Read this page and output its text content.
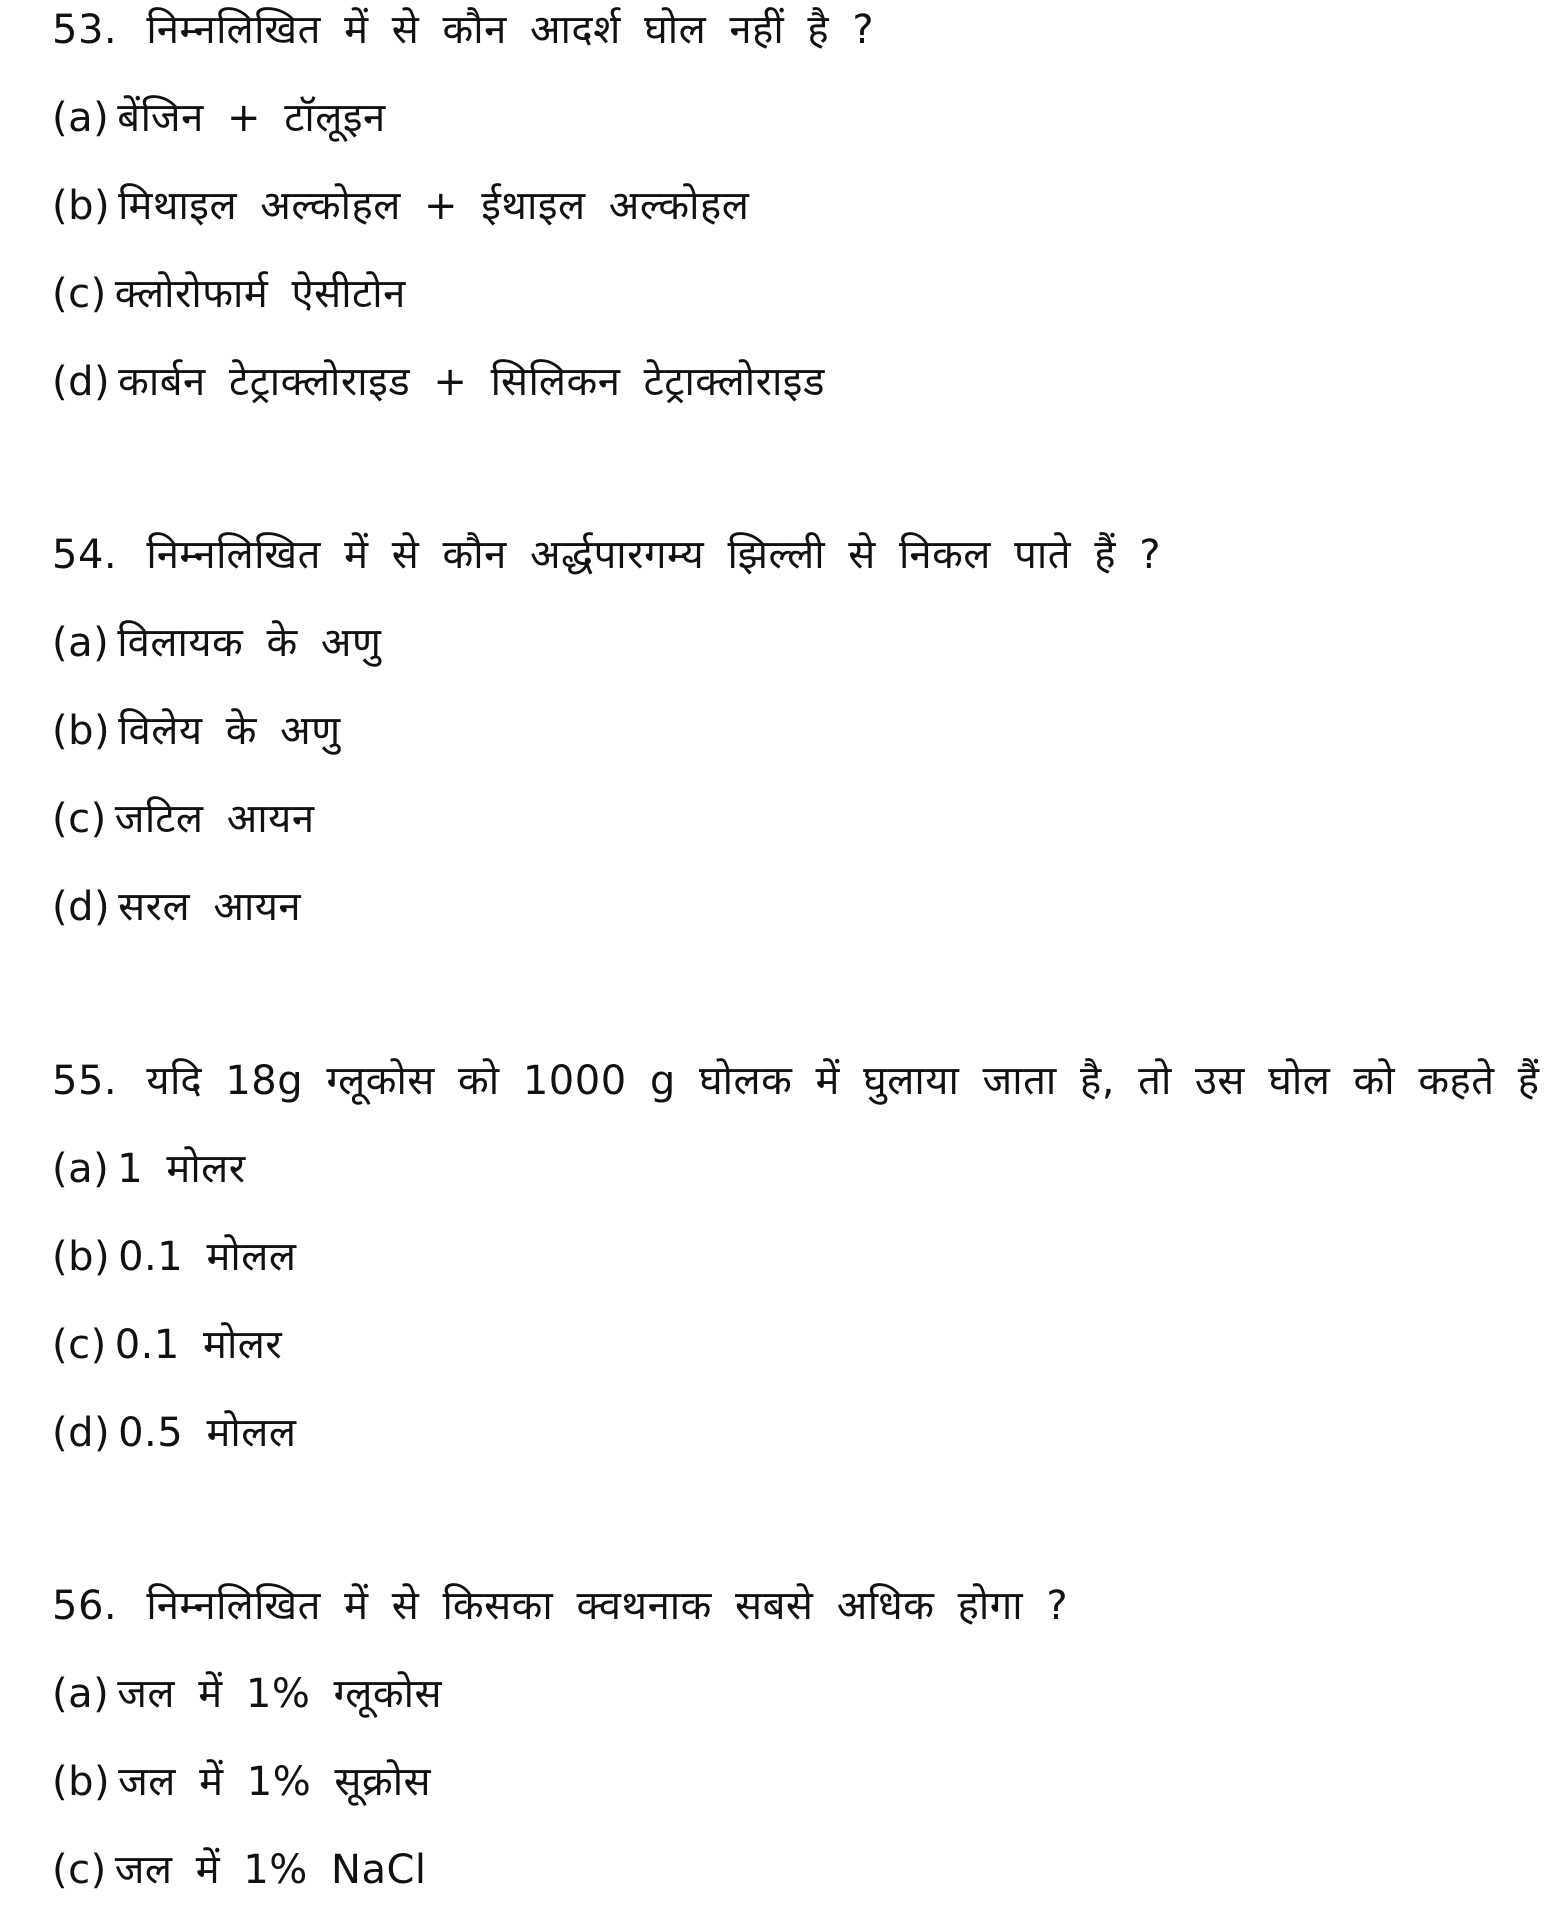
53. निम्नलिखित में से कौन आदर्श घोल नहीं है ?
(a) बेंजिन + टॉलूइन
(b) मिथाइल अल्कोहल + ईथाइल अल्कोहल
(c) क्लोरोफार्म ऐसीटोन
(d) कार्बन टेट्राक्लोराइड + सिलिकन टेट्राक्लोराइड
54. निम्नलिखित में से कौन अर्द्धपारगम्य झिल्ली से निकल पाते हैं ?
(a) विलायक के अणु
(b) विलेय के अणु
(c) जटिल आयन
(d) सरल आयन
55. यदि 18g ग्लूकोस को 1000 g घोलक में घुलाया जाता है, तो उस घोल को कहते हैं
(a) 1 मोलर
(b) 0.1 मोलल
(c) 0.1 मोलर
(d) 0.5 मोलल
56. निम्नलिखित में से किसका क्वथनाक सबसे अधिक होगा ?
(a) जल में 1% ग्लूकोस
(b) जल में 1% सूक्रोस
(c) जल में 1% NaCl
